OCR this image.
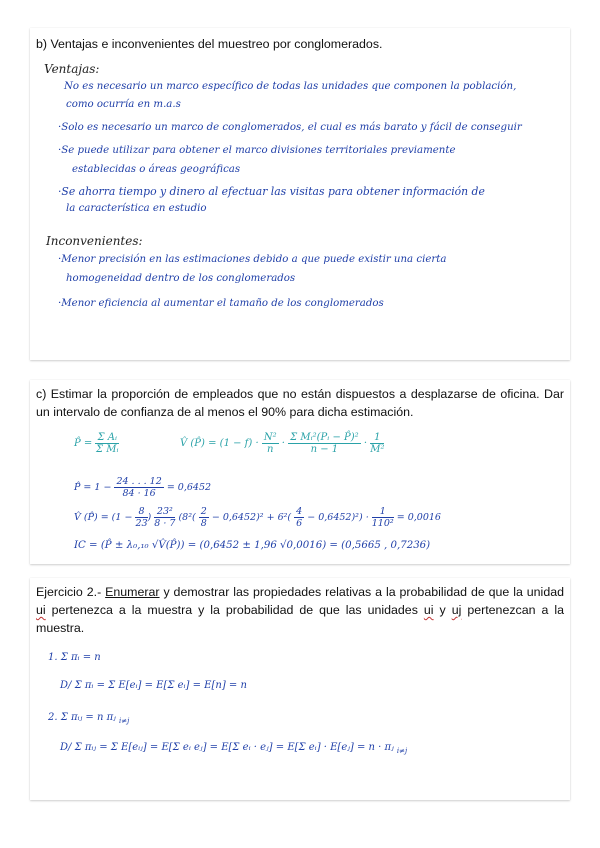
b) Ventajas e inconvenientes del muestreo por conglomerados.
Ventajas:
No es necesario un marco específico de todas las unidades que componen la población,
como ocurría en m.a.s
·Solo es necesario un marco de conglomerados, el cual es más barato y fácil de conseguir
·Se puede utilizar para obtener el marco divisiones territoriales previamente
establecidas o áreas geográficas
·Se ahorra tiempo y dinero al efectuar las visitas para obtener información de
la característica en estudio
Inconvenientes:
·Menor precisión en las estimaciones debido a que puede existir una cierta
homogeneidad dentro de los conglomerados
·Menor eficiencia al aumentar el tamaño de los conglomerados
c) Estimar la proporción de empleados que no están dispuestos a desplazarse de oficina. Dar un intervalo de confianza de al menos el 90% para dicha estimación.
P̂ = $\frac{\text{Σ Aᵢ}}{\text{Σ Mᵢ}}$	V̂ (P̂) = $(1 - f) \cdot \frac{\text{N²}}{n} \cdot \frac{\text{Σ Mᵢ²(Pᵢ − P̂)²}}{n - 1} \cdot \frac{1}{\text{M²}}$
P̂ = $1 - \frac{24 . . . 12}{84 \cdot 16} = 0,6452$
V̂ (P̂) = ($1 - \frac{8}{23}$ ) $\frac{\text{23²}}{8 \cdot 7} (8^2( \frac{2}{8} - 0,6452)^2 + 6^2( \frac{4}{6} - 0,6452)^2) \cdot \frac{1}{\text{110²}} = 0,0016$
IC = (P̂ ± λ₀,₁₀ √V̂(P̂)) = (0,6452 ± 1,96 √0,0016) = (0,5665 , 0,7236)
Ejercicio 2.- Enumerar y demostrar las propiedades relativas a la probabilidad de que la unidad ui pertenezca a la muestra y la probabilidad de que las unidades ui y uj pertenezcan a la muestra.
1. Σ πᵢ = n
D/ Σ πᵢ = Σ E[eᵢ] = E[Σ eᵢ] = E[n] = n
2. Σ πᵢⱼ = n πⱼ $_{i\ne j}$
D/ Σ πᵢⱼ = Σ E[eᵢⱼ] = E[Σ eᵢ eⱼ] = E[Σ eᵢ · eⱼ] = E[Σ eᵢ] · E[eⱼ] = n · πⱼ $_{i\ne j}$
